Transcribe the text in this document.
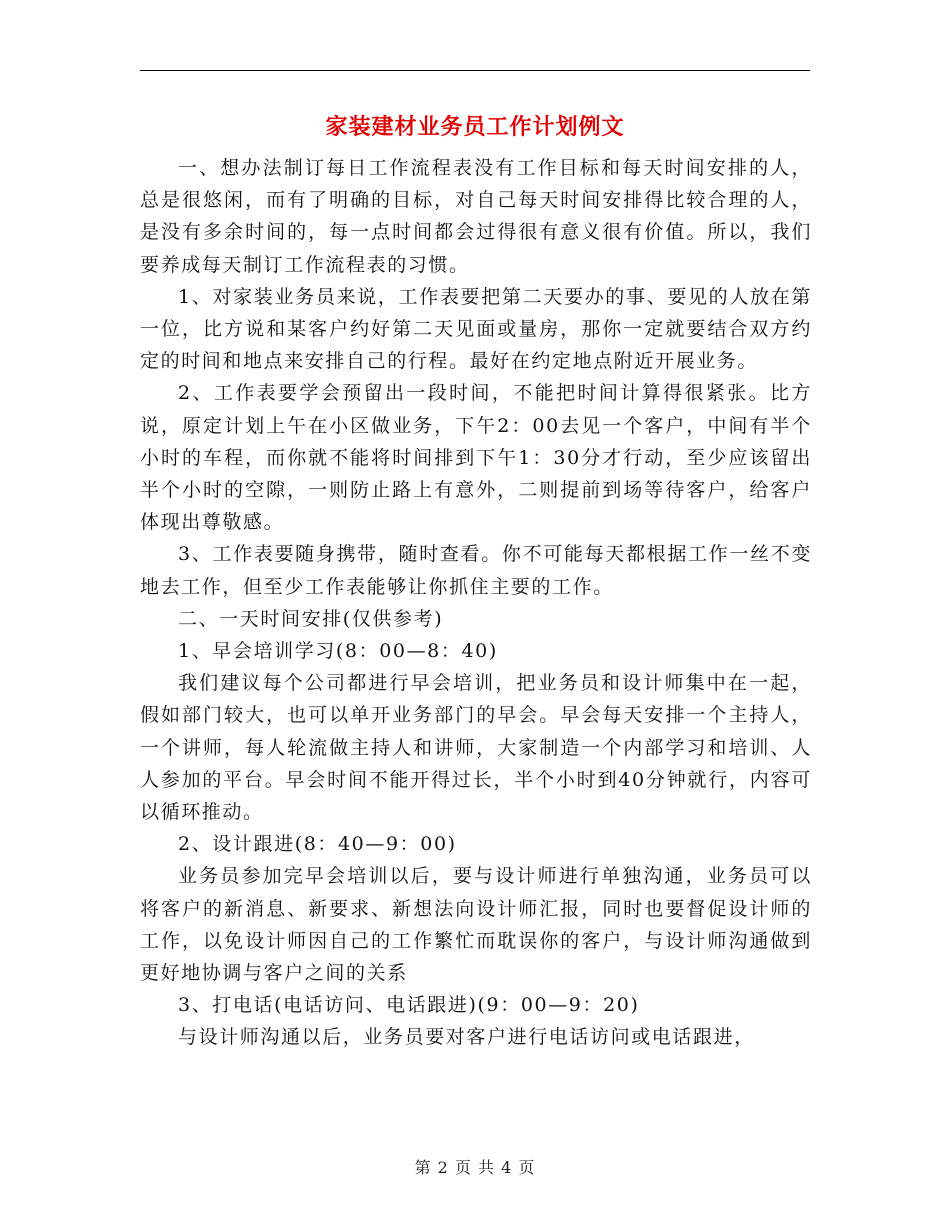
家装建材业务员工作计划例文

一、想办法制订每日工作流程表没有工作目标和每天时间安排的人，总是很悠闲，而有了明确的目标，对自己每天时间安排得比较合理的人，是没有多余时间的，每一点时间都会过得很有意义很有价值。所以，我们要养成每天制订工作流程表的习惯。

1、对家装业务员来说，工作表要把第二天要办的事、要见的人放在第一位，比方说和某客户约好第二天见面或量房，那你一定就要结合双方约定的时间和地点来安排自己的行程。最好在约定地点附近开展业务。

2、工作表要学会预留出一段时间，不能把时间计算得很紧张。比方说，原定计划上午在小区做业务，下午2：00去见一个客户，中间有半个小时的车程，而你就不能将时间排到下午1：30分才行动，至少应该留出半个小时的空隙，一则防止路上有意外，二则提前到场等待客户，给客户体现出尊敬感。

3、工作表要随身携带，随时查看。你不可能每天都根据工作一丝不变地去工作，但至少工作表能够让你抓住主要的工作。

二、一天时间安排(仅供参考)

1、早会培训学习(8：00—8：40)

我们建议每个公司都进行早会培训，把业务员和设计师集中在一起，假如部门较大，也可以单开业务部门的早会。早会每天安排一个主持人，一个讲师，每人轮流做主持人和讲师，大家制造一个内部学习和培训、人人参加的平台。早会时间不能开得过长，半个小时到40分钟就行，内容可以循环推动。

2、设计跟进(8：40—9：00)

业务员参加完早会培训以后，要与设计师进行单独沟通，业务员可以将客户的新消息、新要求、新想法向设计师汇报，同时也要督促设计师的工作，以免设计师因自己的工作繁忙而耽误你的客户，与设计师沟通做到更好地协调与客户之间的关系

3、打电话(电话访问、电话跟进)(9：00—9：20)

与设计师沟通以后，业务员要对客户进行电话访问或电话跟进，

第 2 页 共 4 页
